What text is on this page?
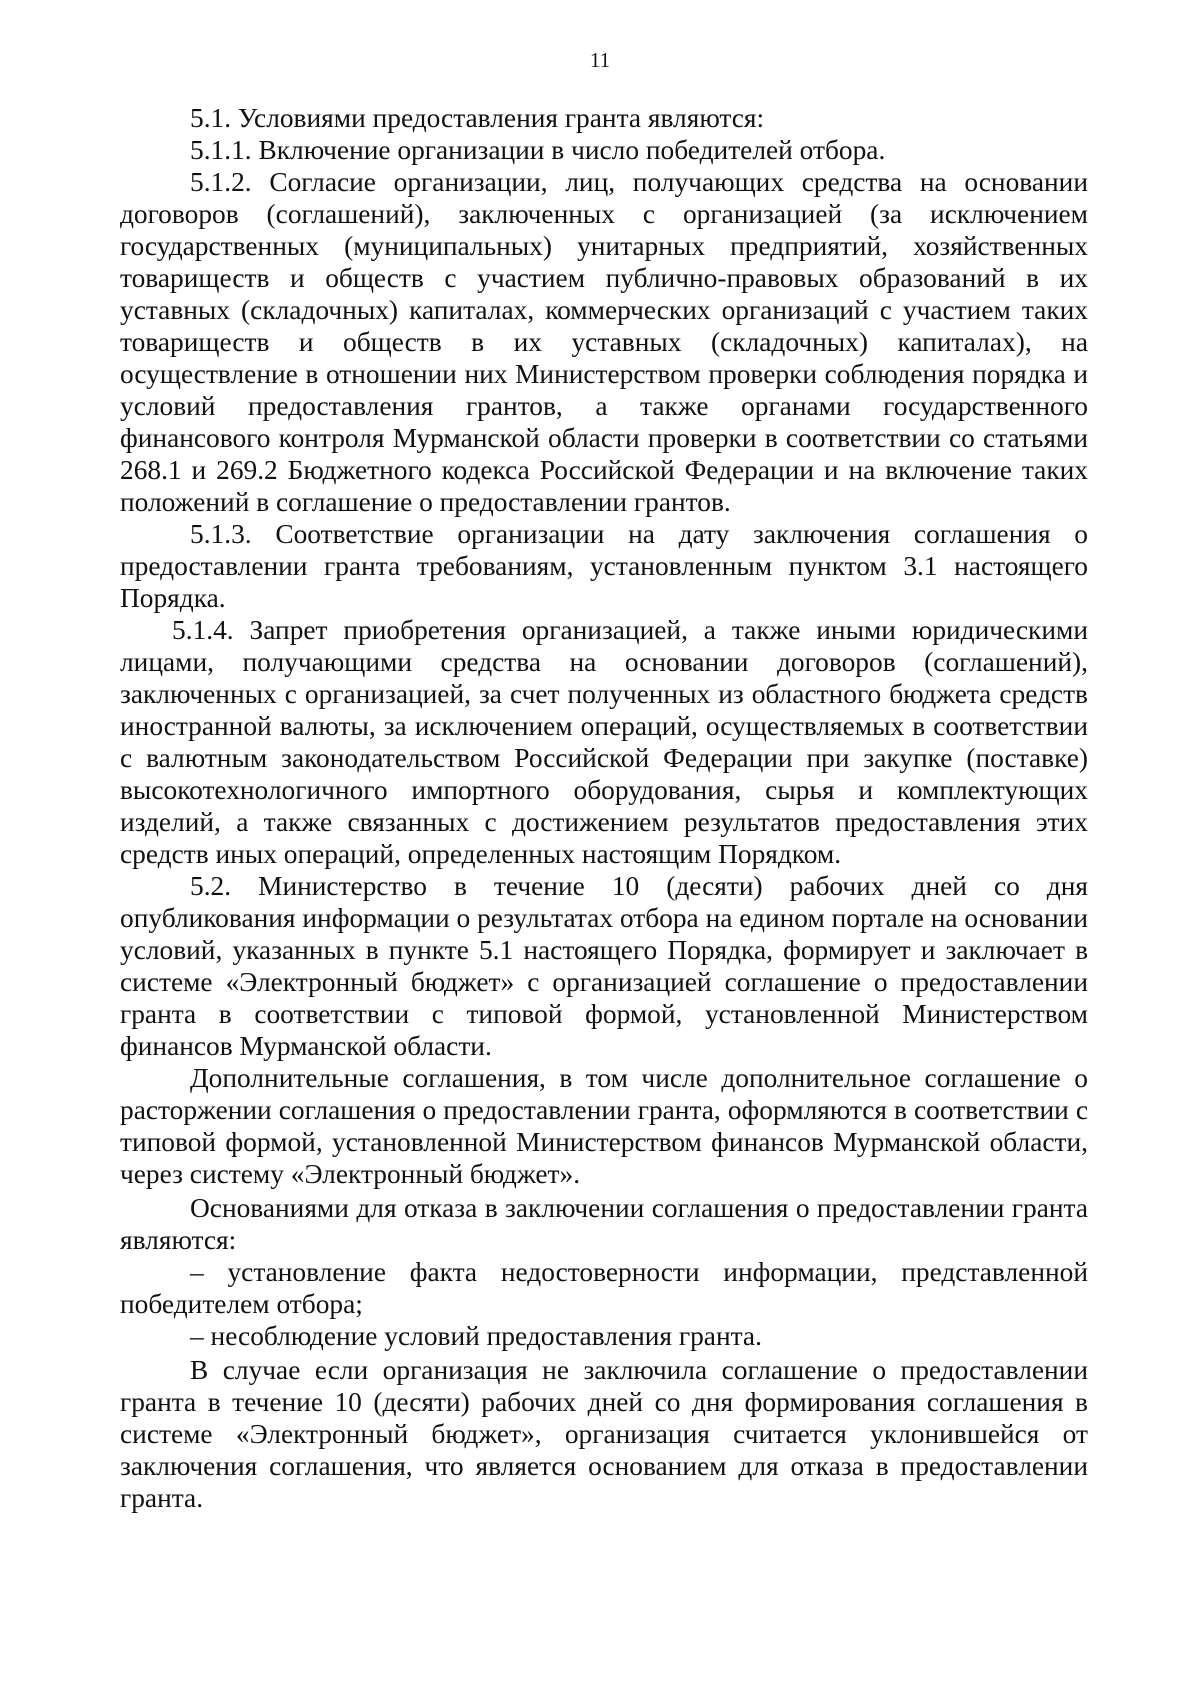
11

5.1. Условиями предоставления гранта являются:

5.1.1. Включение организации в число победителей отбора.

5.1.2. Согласие организации, лиц, получающих средства на основании договоров (соглашений), заключенных с организацией (за исключением государственных (муниципальных) унитарных предприятий, хозяйственных товариществ и обществ с участием публично-правовых образований в их уставных (складочных) капиталах, коммерческих организаций с участием таких товариществ и обществ в их уставных (складочных) капиталах), на осуществление в отношении них Министерством проверки соблюдения порядка и условий предоставления грантов, а также органами государственного финансового контроля Мурманской области проверки в соответствии со статьями 268.1 и 269.2 Бюджетного кодекса Российской Федерации и на включение таких положений в соглашение о предоставлении грантов.

5.1.3. Соответствие организации на дату заключения соглашения о предоставлении гранта требованиям, установленным пунктом 3.1 настоящего Порядка.

5.1.4. Запрет приобретения организацией, а также иными юридическими лицами, получающими средства на основании договоров (соглашений), заключенных с организацией, за счет полученных из областного бюджета средств иностранной валюты, за исключением операций, осуществляемых в соответствии с валютным законодательством Российской Федерации при закупке (поставке) высокотехнологичного импортного оборудования, сырья и комплектующих изделий, а также связанных с достижением результатов предоставления этих средств иных операций, определенных настоящим Порядком.

5.2. Министерство в течение 10 (десяти) рабочих дней со дня опубликования информации о результатах отбора на едином портале на основании условий, указанных в пункте 5.1 настоящего Порядка, формирует и заключает в системе «Электронный бюджет» с организацией соглашение о предоставлении гранта в соответствии с типовой формой, установленной Министерством финансов Мурманской области.

Дополнительные соглашения, в том числе дополнительное соглашение о расторжении соглашения о предоставлении гранта, оформляются в соответствии с типовой формой, установленной Министерством финансов Мурманской области, через систему «Электронный бюджет».

Основаниями для отказа в заключении соглашения о предоставлении гранта являются:

– установление факта недостоверности информации, представленной победителем отбора;

– несоблюдение условий предоставления гранта.

В случае если организация не заключила соглашение о предоставлении гранта в течение 10 (десяти) рабочих дней со дня формирования соглашения в системе «Электронный бюджет», организация считается уклонившейся от заключения соглашения, что является основанием для отказа в предоставлении гранта.
